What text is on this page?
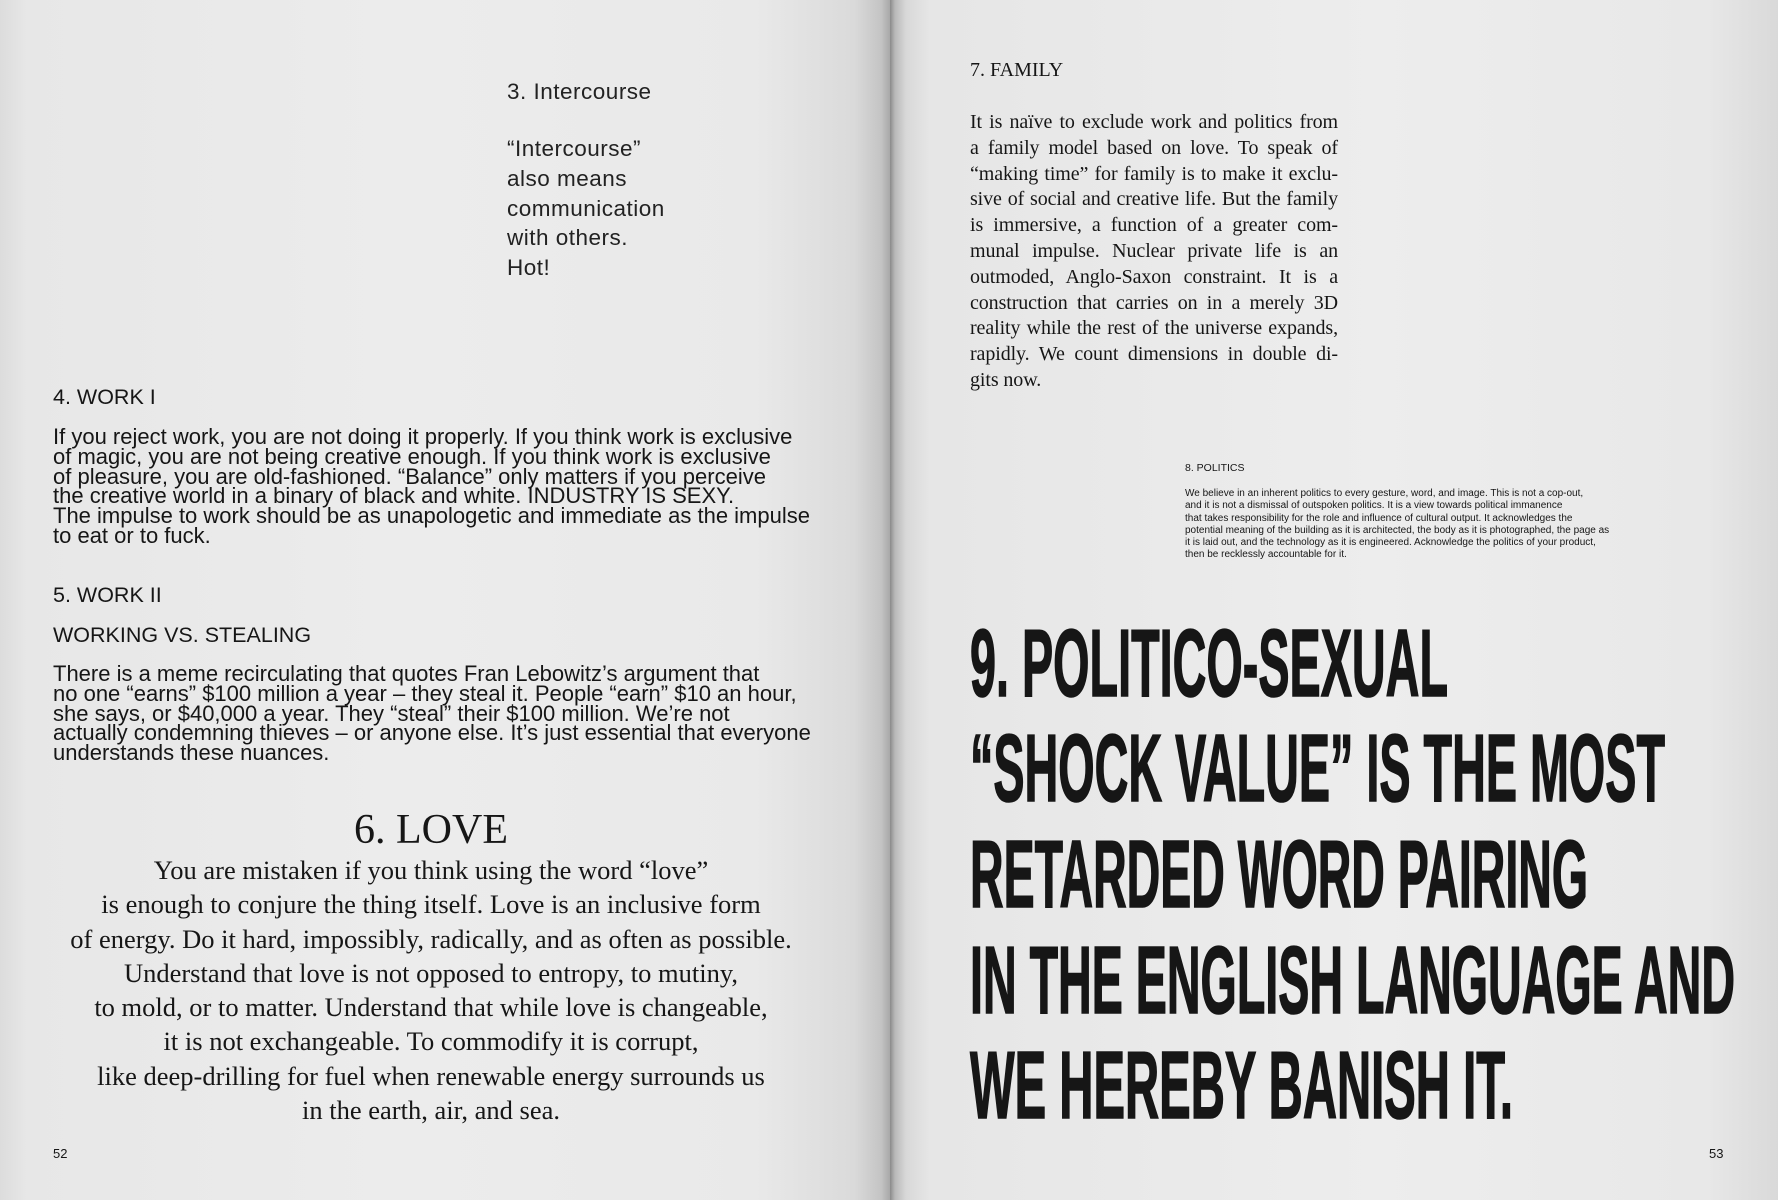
3. Intercourse
“Intercourse”
also means
communication
with others.
Hot!
4. WORK I
If you reject work, you are not doing it properly. If you think work is exclusive
of magic, you are not being creative enough. If you think work is exclusive
of pleasure, you are old-fashioned. “Balance” only matters if you perceive
the creative world in a binary of black and white. INDUSTRY IS SEXY.
The impulse to work should be as unapologetic and immediate as the impulse
to eat or to fuck.
5. WORK II
WORKING VS. STEALING
There is a meme recirculating that quotes Fran Lebowitz’s argument that
no one “earns” $100 million a year – they steal it. People “earn” $10 an hour,
she says, or $40,000 a year. They “steal” their $100 million. We’re not
actually condemning thieves – or anyone else. It’s just essential that everyone
understands these nuances.
6. LOVE
You are mistaken if you think using the word “love”
is enough to conjure the thing itself. Love is an inclusive form
of energy. Do it hard, impossibly, radically, and as often as possible.
Understand that love is not opposed to entropy, to mutiny,
to mold, or to matter. Understand that while love is changeable,
it is not exchangeable. To commodify it is corrupt,
like deep-drilling for fuel when renewable energy surrounds us
in the earth, air, and sea.
52
7. FAMILY
It is naïve to exclude work and politics from
a family model based on love. To speak of
“making time” for family is to make it exclu-
sive of social and creative life. But the family
is immersive, a function of a greater com-
munal impulse. Nuclear private life is an
outmoded, Anglo-Saxon constraint. It is a
construction that carries on in a merely 3D
reality while the rest of the universe expands,
rapidly. We count dimensions in double di-
gits now.
8. POLITICS
We believe in an inherent politics to every gesture, word, and image. This is not a cop-out,
and it is not a dismissal of outspoken politics. It is a view towards political immanence
that takes responsibility for the role and influence of cultural output. It acknowledges the
potential meaning of the building as it is architected, the body as it is photographed, the page as
it is laid out, and the technology as it is engineered. Acknowledge the politics of your product,
then be recklessly accountable for it.
9. POLITICO-SEXUAL
“SHOCK VALUE” IS THE MOST
RETARDED WORD PAIRING
IN THE ENGLISH LANGUAGE AND
WE HEREBY BANISH IT.
53
